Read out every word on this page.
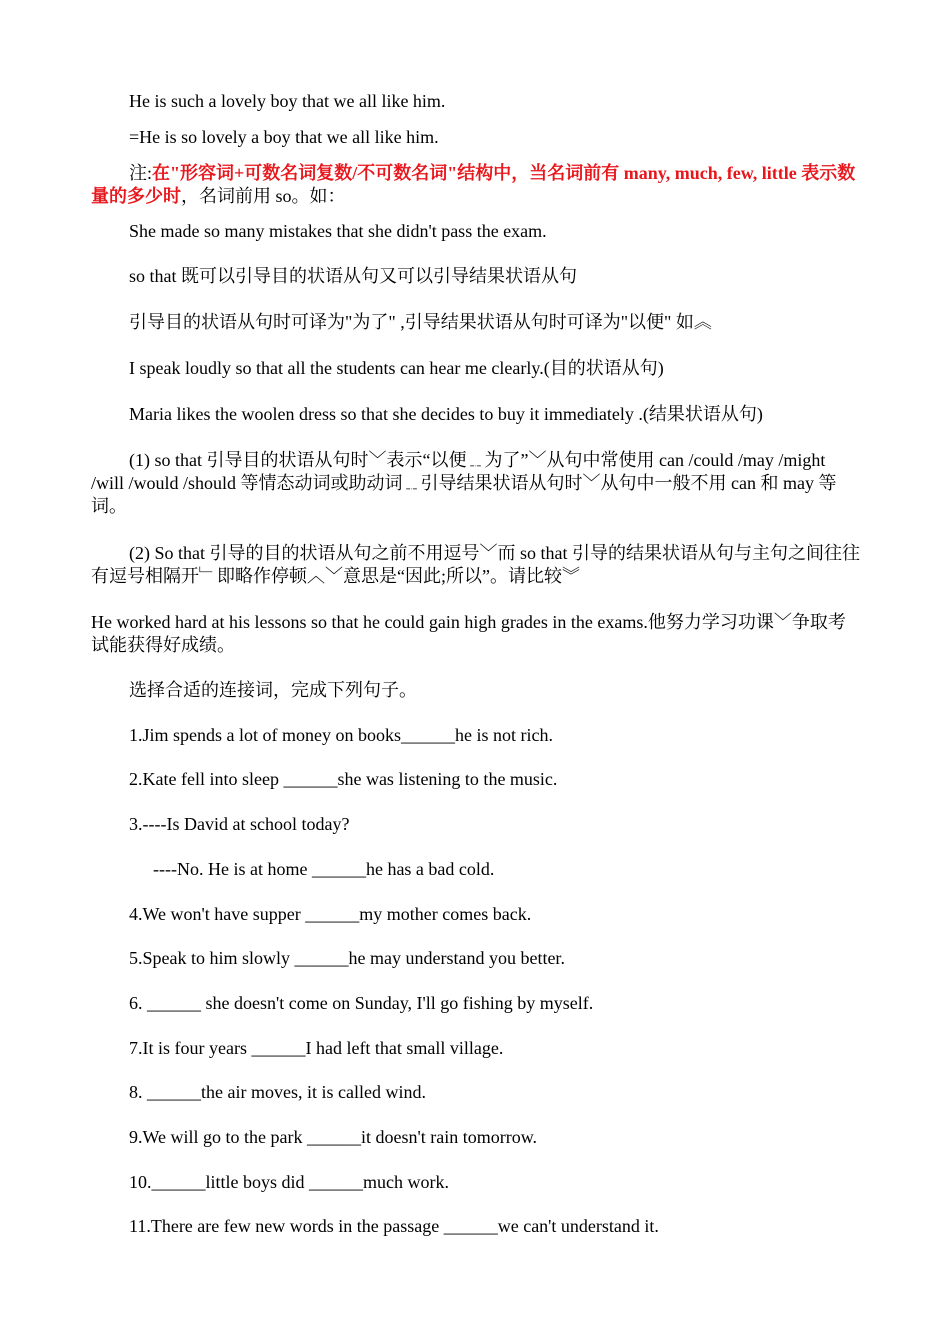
He is such a lovely boy that we all like him.
=He is so lovely a boy that we all like him.
注:在"形容词+可数名词复数/不可数名词"结构中，当名词前有 many, much, few, little 表示数量的多少时，名词前用 so。如：
She made so many mistakes that she didn't pass the exam.
so that 既可以引导目的状语从句又可以引导结果状语从句
引导目的状语从句时可译为"为了" ,引导结果状语从句时可译为"以便" 如︽
I speak loudly so that all the students can hear me clearly.(目的状语从句)
Maria likes the woolen dress so that she decides to buy it immediately .(结果状语从句)
(1) so that 引导目的状语从句时﹀表示“以便﹎为了”﹀从句中常使用 can /could /may /might /will /would /should 等情态动词或助动词﹎引导结果状语从句时﹀从句中一般不用 can 和 may 等词。
(2) So that 引导的目的状语从句之前不用逗号﹀而 so that 引导的结果状语从句与主句之间往往有逗号相隔开﹂即略作停顿︿﹀意思是“因此;所以”。请比较︾
He worked hard at his lessons so that he could gain high grades in the exams.他努力学习功课﹀争取考试能获得好成绩。
选择合适的连接词，完成下列句子。
1.Jim spends a lot of money on books______he is not rich.
2.Kate fell into sleep ______she was listening to the music.
3.----Is David at school today?
----No. He is at home ______he has a bad cold.
4.We won't have supper ______my mother comes back.
5.Speak to him slowly ______he may understand you better.
6. ______ she doesn't come on Sunday, I'll go fishing by myself.
7.It is four years ______I had left that small village.
8. ______the air moves, it is called wind.
9.We will go to the park ______it doesn't rain tomorrow.
10.______little boys did ______much work.
11.There are few new words in the passage ______we can't understand it.
